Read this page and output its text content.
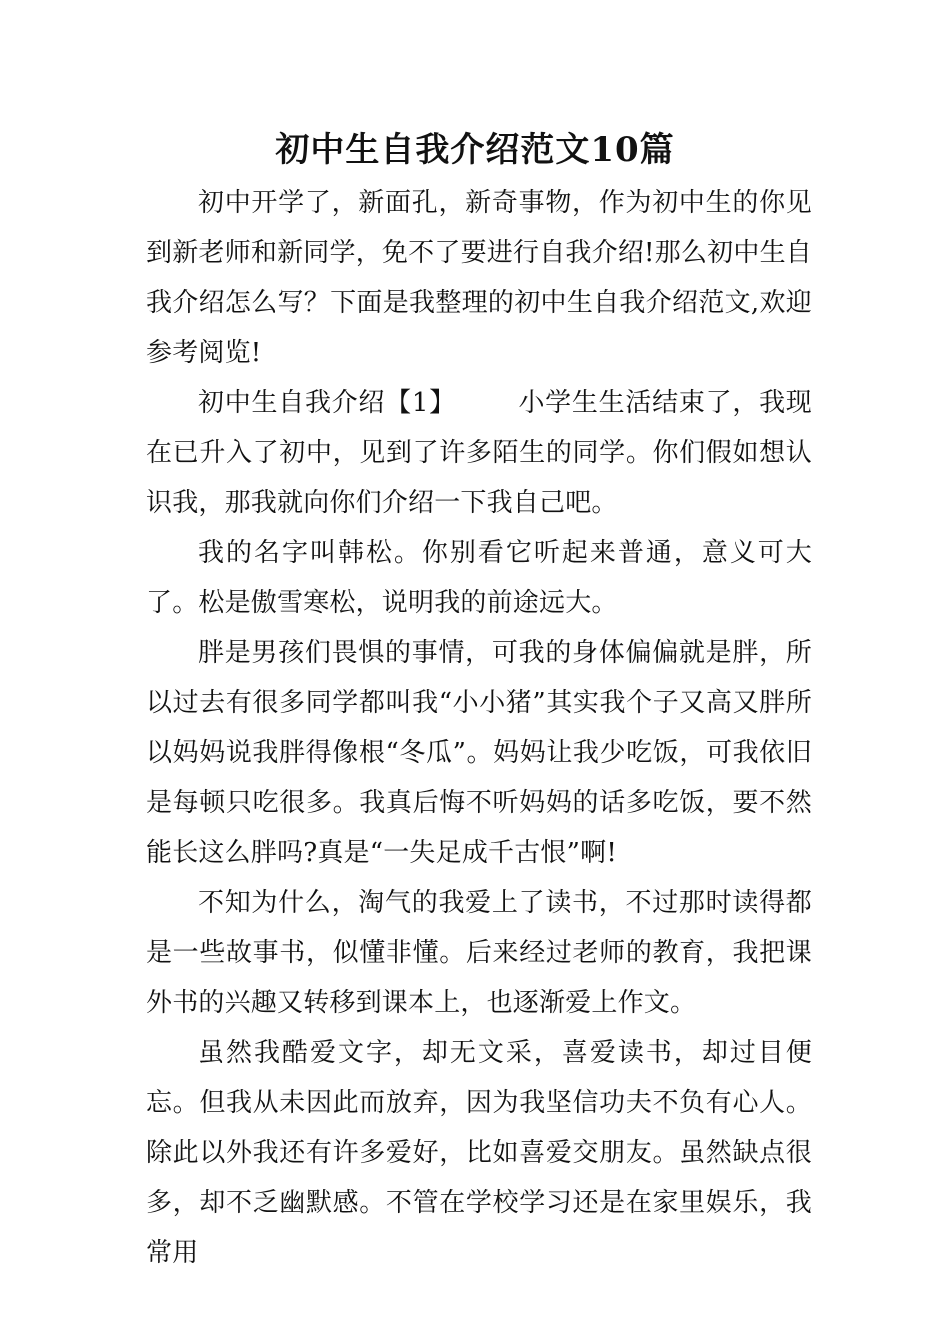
初中生自我介绍范文10篇

初中开学了，新面孔，新奇事物，作为初中生的你见到新老师和新同学，免不了要进行自我介绍!那么初中生自我介绍怎么写？下面是我整理的初中生自我介绍范文,欢迎参考阅览!

初中生自我介绍【1】 小学生生活结束了，我现在已升入了初中，见到了许多陌生的同学。你们假如想认识我，那我就向你们介绍一下我自己吧。

我的名字叫韩松。你别看它听起来普通，意义可大了。松是傲雪寒松，说明我的前途远大。

胖是男孩们畏惧的事情，可我的身体偏偏就是胖，所以过去有很多同学都叫我“小小猪”其实我个子又高又胖所以妈妈说我胖得像根“冬瓜”。妈妈让我少吃饭，可我依旧是每顿只吃很多。我真后悔不听妈妈的话多吃饭，要不然能长这么胖吗?真是“一失足成千古恨”啊!

不知为什么，淘气的我爱上了读书，不过那时读得都是一些故事书，似懂非懂。后来经过老师的教育，我把课外书的兴趣又转移到课本上，也逐渐爱上作文。

虽然我酷爱文字，却无文采，喜爱读书，却过目便忘。但我从未因此而放弃，因为我坚信功夫不负有心人。除此以外我还有许多爱好，比如喜爱交朋友。虽然缺点很多，却不乏幽默感。不管在学校学习还是在家里娱乐，我常用
